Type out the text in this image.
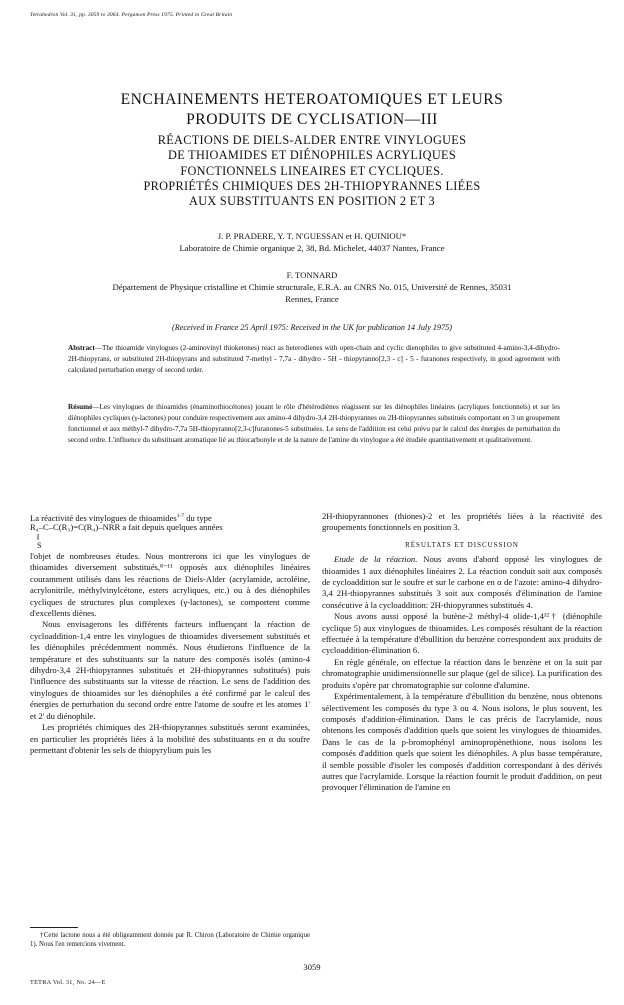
Tetrahedron Vol. 31, pp. 3059 to 3064. Pergamon Press 1975. Printed in Great Britain
ENCHAINEMENTS HETEROATOMIQUES ET LEURS
PRODUITS DE CYCLISATION—III
RÉACTIONS DE DIELS-ALDER ENTRE VINYLOGUES
DE THIOAMIDES ET DIÉNOPHILES ACRYLIQUES
FONCTIONNELS LINEAIRES ET CYCLIQUES.
PROPRIÉTÉS CHIMIQUES DES 2H-THIOPYRANNES LIÉES
AUX SUBSTITUANTS EN POSITION 2 ET 3
J. P. PRADERE, Y. T. N'GUESSAN et H. QUINIOU*
Laboratoire de Chimie organique 2, 38, Bd. Michelet, 44037 Nantes, France
F. TONNARD
Département de Physique cristalline et Chimie structurale, E.R.A. au CNRS No. 015, Université de Rennes, 35031
Rennes, France
(Received in France 25 April 1975: Received in the UK for publication 14 July 1975)
Abstract—The thioamide vinylogues (2-aminovinyl thioketones) react as heterodienes with open-chain and cyclic dienophiles to give substituted 4-amino-3,4-dihydro-2H-thiopyrans, or substituted 2H-thiopyrans and substituted 7-methyl - 7,7a - dihydro - 5H - thiopyranno[2,3 - c] - 5 - furanones respectively, in good agreement with calculated perturbation energy of second order.
Résumé—Les vinylogues de thioamides (énaminothiocétones) jouant le rôle d'hétérodiènes réagissent sur les diénophiles linéaires (acryliques fonctionnels) et sur les diénophiles cycliques (γ-lactones) pour conduire respectivement aux amino-4 dihydro-3,4 2H-thiopyrannes ou 2H-thiopyrannes substitués comportant en 3 un groupement fonctionnel et aux méthyl-7 dihydro-7,7a 5H-thiopyranno[2,3-c]furanones-5 substituées. Le sens de l'addition est celui prévu par le calcul des énergies de perturbation du second ordre. L'influence du substituant aromatique lié au thiocarbonyle et de la nature de l'amine du vinylogue a été étudiée quantitativement et qualitativement.
La réactivité des vinylogues de thioamides$^{1-7}$ du type
R₄–C–C(R₃)=C(R₄)–NRR a fait depuis quelques années
‖
S

l'objet de nombreuses études. Nous montrerons ici que les vinylogues de thioamides diversement substitués,⁸⁻¹¹ opposés aux diénophiles linéaires couramment utilisés dans les réactions de Diels-Alder (acrylamide, acroléine, acrylonitrile, méthylvinylcétone, esters acryliques, etc.) ou à des diénophiles cycliques de structures plus complexes (γ-lactones), se comportent comme d'excellents diènes.

Nous envisagerons les différents facteurs influençant la réaction de cycloaddition-1,4 entre les vinylogues de thioamides diversement substitués et les diénophiles précédemment nommés. Nous étudierons l'influence de la température et des substituants sur la nature des composés isolés (amino-4 dihydro-3,4 2H-thiopyrannes substitués et 2H-thiopyrannes substitués) puis l'influence des substituants sur la vitesse de réaction. Le sens de l'addition des vinylogues de thioamides sur les diénophiles a été confirmé par le calcul des énergies de perturbation du second ordre entre l'atome de soufre et les atomes 1' et 2' du diénophile.

Les propriétés chimiques des 2H-thiopyrannes substitués seront examinées, en particulier les propriétés liées à la mobilité des substituants en α du soufre permettant d'obtenir les sels de thiopyrylium puis les

2H-thiopyrannones (thiones)-2 et les propriétés liées à la réactivité des groupements fonctionnels en position 3.

RÉSULTATS ET DISCUSSION

Etude de la réaction. Nous avons d'abord opposé les vinylogues de thioamides 1 aux diénophiles linéaires 2. La réaction conduit soit aux composés de cycloaddition sur le soufre et sur le carbone en α de l'azote: amino-4 dihydro-3,4 2H-thiopyrannes substitués 3 soit aux composés d'élimination de l'amine consécutive à la cycloaddition: 2H-thiopyrannes substitués 4.

Nous avons aussi opposé la butène-2 méthyl-4 olide-1,4¹²† (diénophile cyclique 5) aux vinylogues de thioamides. Les composés résultant de la réaction effectuée à la température d'ébullition du benzène correspondent aux produits de cycloaddition-élimination 6.

En règle générale, on effectue la réaction dans le benzène et on la suit par chromatographie unidimensionnelle sur plaque (gel de silice). La purification des produits s'opère par chromatographie sur colonne d'alumine.

Expérimentalement, à la température d'ébullition du benzène, nous obtenons sélectivement les composés du type 3 ou 4. Nous isolons, le plus souvent, les composés d'addition-élimination. Dans le cas précis de l'acrylamide, nous obtenons les composés d'addition quels que soient les vinylogues de thioamides. Dans le cas de la p-bromophényl aminopropènethione, nous isolons les composés d'addition quels que soient les diénophiles. A plus basse température, il semble possible d'isoler les composés d'addition correspondant à des dérivés autres que l'acrylamide. Lorsque la réaction fournit le produit d'addition, on peut provoquer l'élimination de l'amine en

†Cette lactone nous a été obligeamment donnée par R. Chiron (Laboratoire de Chimie organique 1). Nous l'en remercions vivement.
3059
TETRA Vol. 31, No. 24—E
